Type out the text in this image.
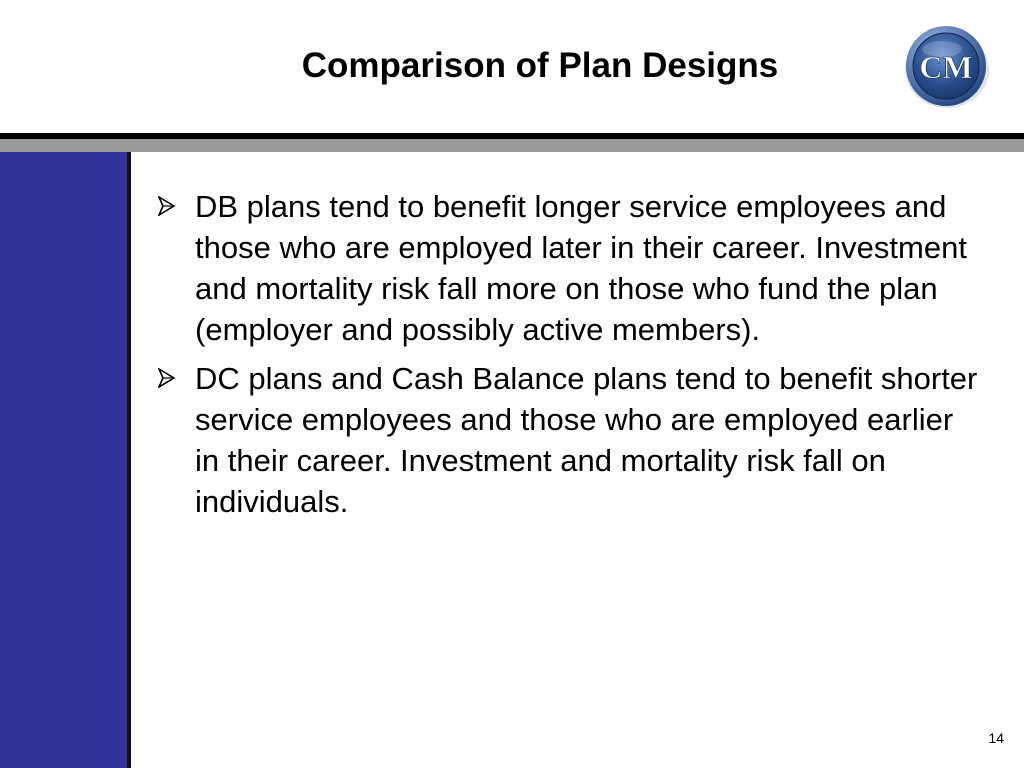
Comparison of Plan Designs	CM
DB plans tend to benefit longer service employees and those who are employed later in their career. Investment and mortality risk fall more on those who fund the plan (employer and possibly active members).
DC plans and Cash Balance plans tend to benefit shorter service employees and those who are employed earlier in their career. Investment and mortality risk fall on individuals.
14
